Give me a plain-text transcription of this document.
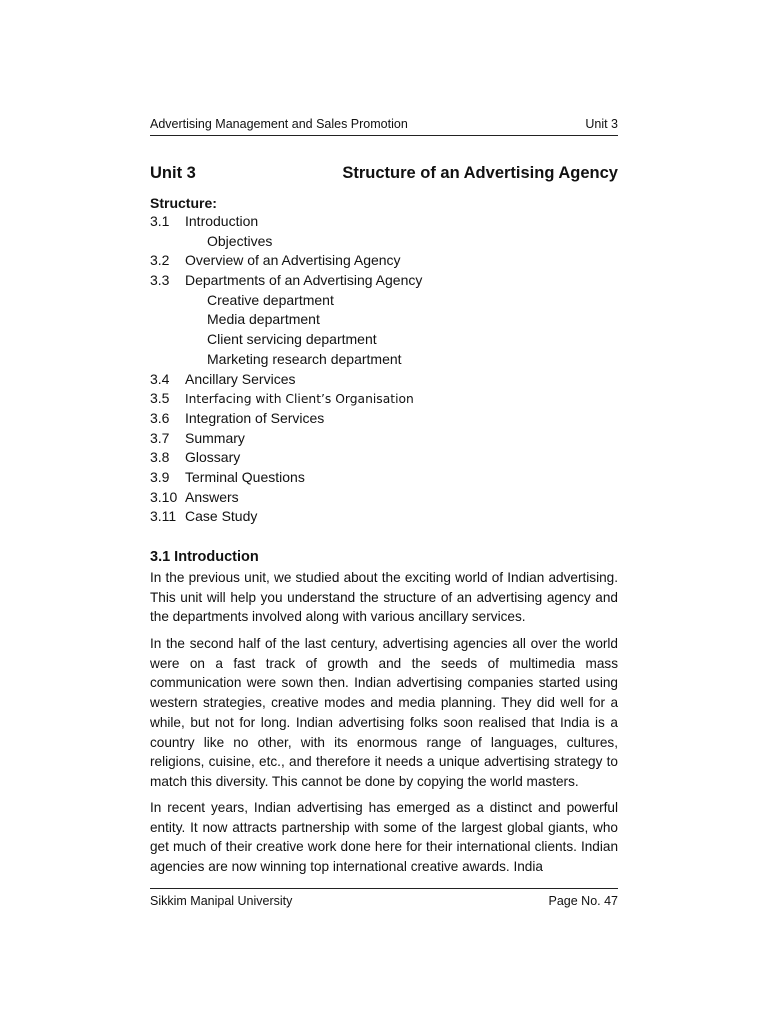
Advertising Management and Sales Promotion	Unit 3
Unit 3	Structure of an Advertising Agency
Structure:
3.1 Introduction
Objectives
3.2 Overview of an Advertising Agency
3.3 Departments of an Advertising Agency
Creative department
Media department
Client servicing department
Marketing research department
3.4 Ancillary Services
3.5 Interfacing with Client’s Organisation
3.6 Integration of Services
3.7 Summary
3.8 Glossary
3.9 Terminal Questions
3.10 Answers
3.11 Case Study
3.1 Introduction

In the previous unit, we studied about the exciting world of Indian advertising. This unit will help you understand the structure of an advertising agency and the departments involved along with various ancillary services.

In the second half of the last century, advertising agencies all over the world were on a fast track of growth and the seeds of multimedia mass communication were sown then. Indian advertising companies started using western strategies, creative modes and media planning. They did well for a while, but not for long. Indian advertising folks soon realised that India is a country like no other, with its enormous range of languages, cultures, religions, cuisine, etc., and therefore it needs a unique advertising strategy to match this diversity. This cannot be done by copying the world masters.

In recent years, Indian advertising has emerged as a distinct and powerful entity. It now attracts partnership with some of the largest global giants, who get much of their creative work done here for their international clients. Indian agencies are now winning top international creative awards. India

Sikkim Manipal University	Page No. 47
